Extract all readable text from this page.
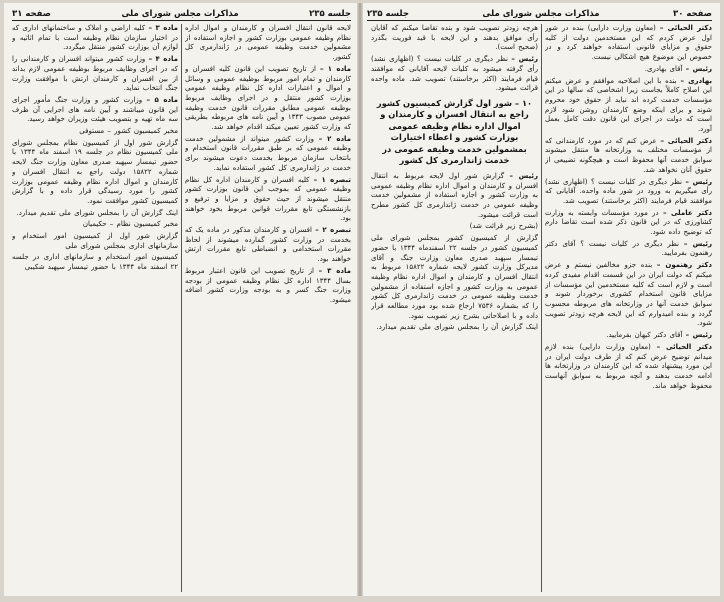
صفحه ۳۰
مذاکرات مجلس شورای ملی
جلسه ۲۳۵

دکتر الحیائی – (معاون وزارت دارایی) بنده در شور اول عرض کردم که این مستخدمین دولت از کلیه حقوق و مزایای قانونی استفاده خواهند کرد و در خصوص این موضوع هیچ اشکالی نیست.

رئیس – آقای بهادری.

بهادری – بنده با این اصلاحیه موافقم و عرض میکنم این اصلاح کاملاً بجاست زیرا اشخاصی که سالها در این مؤسسات خدمت کرده اند نباید از حقوق خود محروم شوند و برای اینکه وضع کارمندان روشن شود لازم است که دولت در اجرای این قانون دقت کامل بعمل آورد.

دکتر الحیائی – عرض کنم که در مورد کارمندانی که از مؤسسات مختلف به وزارتخانه ها منتقل میشوند سوابق خدمت آنها محفوظ است و هیچگونه تضییعی از حقوق آنان نخواهد شد.

رئیس – نظر دیگری در کلیات نیست ؟ (اظهاری نشد) رأی میگیریم به ورود در شور ماده واحده. آقایانی که موافقند قیام فرمایند (اکثر برخاستند) تصویب شد.

دکتر عاملی – در مورد مؤسسات وابسته به وزارت کشاورزی که در این قانون ذکر شده است تقاضا دارم که توضیح داده شود.

رئیس – نظر دیگری در کلیات نیست ؟ آقای دکتر رهنمون بفرمایید.

دکتر رهنمون – بنده جزو مخالفین نیستم و عرض میکنم که دولت ایران در این قسمت اقدام مفیدی کرده است و لازم است که کلیه مستخدمین این مؤسسات از مزایای قانون استخدام کشوری برخوردار شوند و سوابق خدمت آنها در وزارتخانه های مربوطه محسوب گردد و بنده امیدوارم که این لایحه هرچه زودتر تصویب شود.

رئیس – آقای دکتر کیهان بفرمایید.

دکتر الحیائی – (معاون وزارت دارایی) بنده لازم میدانم توضیح عرض کنم که از طرف دولت ایران در این مورد پیشنهاد شده که این کارمندان در وزارتخانه ها ادامه خدمت بدهند و آنچه مربوط به سوابق آنهاست محفوظ خواهد ماند.

هرچه زودتر تصویب شود و بنده تقاضا میکنم که آقایان رأی موافق بدهند و این لایحه با قید فوریت بگذرد (صحیح است).

رئیس – نظر دیگری در کلیات نیست ؟ (اظهاری نشد) رأی گرفته میشود به کلیات لایحه آقایانی که موافقند قیام فرمایند (اکثر برخاستند) تصویب شد. ماده واحده قرائت میشود.

۱۰ – شور اول گزارش کمیسیون کشور راجع به انتقال افسران و کارمندان و اموال اداره نظام وظیفه عمومی بوزارت کشور و اعطاء اختیارات بمشمولین خدمت وظیفه عمومی در خدمت ژاندارمری کل کشور

رئیس – گزارش شور اول لایحه مربوط به انتقال افسران و کارمندان و اموال اداره نظام وظیفه عمومی به وزارت کشور و اجازه استفاده از مشمولین خدمت وظیفه عمومی در خدمت ژاندارمری کل کشور مطرح است قرائت میشود.

(بشرح زیر قرائت شد)

گزارش از کمیسیون کشور بمجلس شورای ملی کمیسیون کشور در جلسه ۲۲ اسفندماه ۱۳۴۴ با حضور تیمسار سپهبد صدری معاون وزارت جنگ و آقای مدیرکل وزارت کشور لایحه شماره ۱۵۸۲۲ مربوط به انتقال افسران و کارمندان و اموال اداره نظام وظیفه عمومی به وزارت کشور و اجازه استفاده از مشمولین خدمت وظیفه عمومی در خدمت ژاندارمری کل کشور را که بشماره ۷۵۳۶ ارجاع شده بود مورد مطالعه قرار داده و با اصلاحاتی بشرح زیر تصویب نمود.

اینک گزارش آن را بمجلس شورای ملی تقدیم میدارد.

جلسه ۲۳۵
مذاکرات مجلس شورای ملی
صفحه ۳۱

لایحه قانون انتقال افسران و کارمندان و اموال اداره نظام وظیفه عمومی بوزارت کشور و اجازه استفاده از مشمولین خدمت وظیفه عمومی در ژاندارمری کل کشور.

ماده ۱ – از تاریخ تصویب این قانون کلیه افسران و کارمندان و تمام امور مربوط بوظیفه عمومی و وسائل و اموال و اعتبارات اداره کل نظام وظیفه عمومی بوزارت کشور منتقل و در اجرای وظایف مربوط بوظیفه عمومی مطابق مقررات قانون خدمت وظیفه عمومی مصوب ۱۳۴۳ و آیین نامه های مربوطه بطریقی که وزارت کشور تعیین میکند اقدام خواهد شد.

ماده ۲ – وزارت کشور میتواند از مشمولین خدمت وظیفه عمومی که بر طبق مقررات قانون استخدام و بانتخاب سازمان مربوط بخدمت دعوت میشوند برای خدمت در ژاندارمری کل کشور استفاده نماید.

تبصره ۱ – کلیه افسران و کارمندان اداره کل نظام وظیفه عمومی که بموجب این قانون بوزارت کشور منتقل میشوند از حیث حقوق و مزایا و ترفیع و بازنشستگی تابع مقررات قوانین مربوط بخود خواهند بود.

تبصره ۲ – افسران و کارمندان مذکور در ماده یک که بخدمت در وزارت کشور گمارده میشوند از لحاظ مقررات استخدامی و انضباطی تابع مقررات ارتش خواهند بود.

ماده ۳ – از تاریخ تصویب این قانون اعتبار مربوط بسال ۱۳۴۴ اداره کل نظام وظیفه عمومی از بودجه وزارت جنگ کسر و به بودجه وزارت کشور اضافه میشود.

ماده ۳ – کلیه اراضی و املاک و ساختمانهای اداری که در اختیار سازمان نظام وظیفه است با تمام اثاثیه و لوازم آن بوزارت کشور منتقل میگردد.

ماده ۴ – وزارت کشور میتواند افسران و کارمندانی را که در اجرای وظایف مربوط بوظیفه عمومی لازم بداند از بین افسران و کارمندان ارتش با موافقت وزارت جنگ انتخاب نماید.

ماده ۵ – وزارت کشور و وزارت جنگ مأمور اجرای این قانون میباشند و آیین نامه های اجرایی آن ظرف سه ماه تهیه و بتصویب هیئت وزیران خواهد رسید.

مخبر کمیسیون کشور – مستوفی

گزارش شور اول از کمیسیون نظام بمجلس شورای ملی کمیسیون نظام در جلسه ۱۹ اسفند ماه ۱۳۴۴ با حضور تیمسار سپهبد صدری معاون وزارت جنگ لایحه شماره ۱۵۸۲۲ دولت راجع به انتقال افسران و کارمندان و اموال اداره نظام وظیفه عمومی بوزارت کشور را مورد رسیدگی قرار داده و با گزارش کمیسیون کشور موافقت نمود.

اینک گزارش آن را بمجلس شورای ملی تقدیم میدارد.

مخبر کمیسیون نظام – حکیمیان

گزارش شور اول از کمیسیون امور استخدام و سازمانهای اداری بمجلس شورای ملی

کمیسیون امور استخدام و سازمانهای اداری در جلسه ۲۲ اسفند ماه ۱۳۴۴ با حضور تیمسار سپهبد شکیبی
